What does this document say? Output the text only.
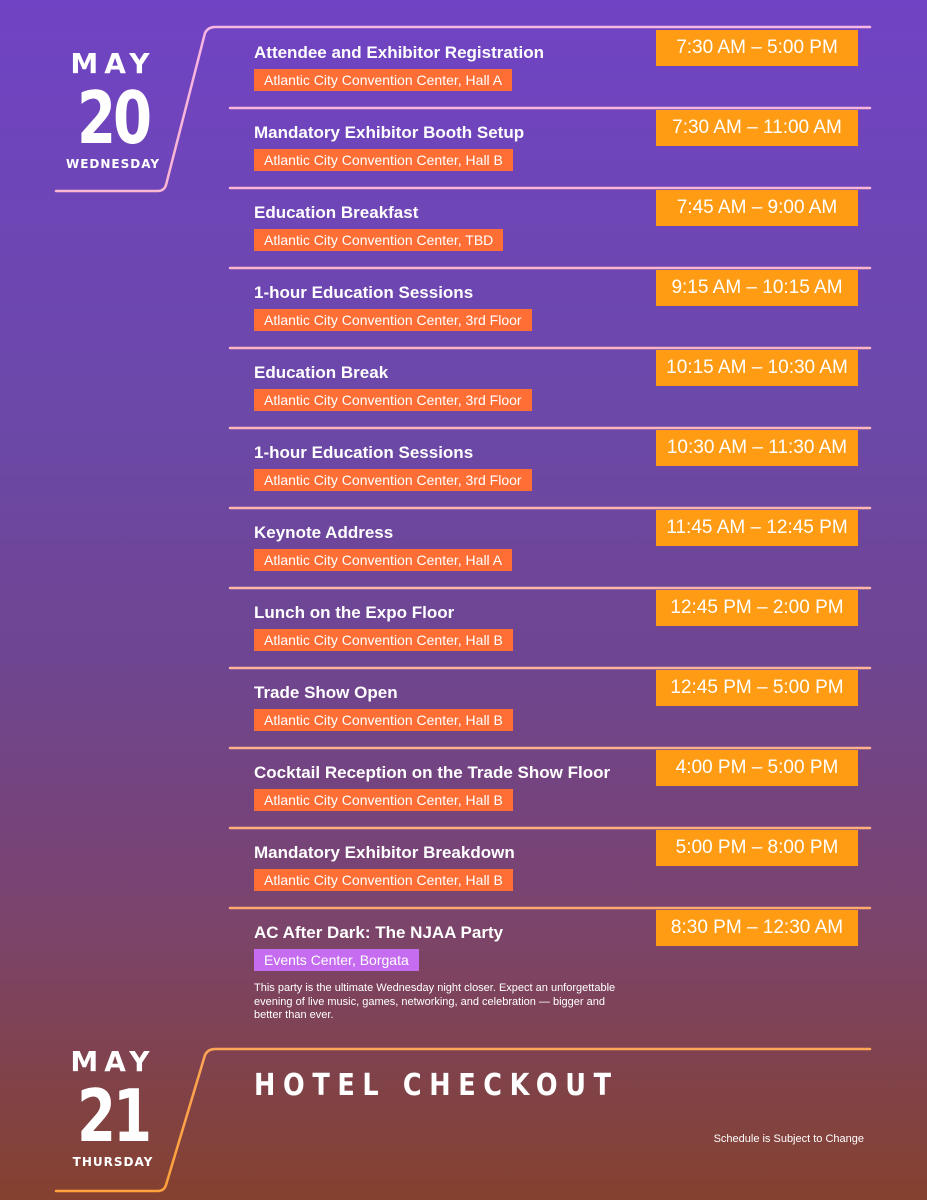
MAY
20
WEDNESDAY
Attendee and Exhibitor Registration
Atlantic City Convention Center, Hall A
7:30 AM – 5:00 PM
Mandatory Exhibitor Booth Setup
Atlantic City Convention Center, Hall B
7:30 AM – 11:00 AM
Education Breakfast
Atlantic City Convention Center, TBD
7:45 AM – 9:00 AM
1-hour Education Sessions
Atlantic City Convention Center, 3rd Floor
9:15 AM – 10:15 AM
Education Break
Atlantic City Convention Center, 3rd Floor
10:15 AM – 10:30 AM
1-hour Education Sessions
Atlantic City Convention Center, 3rd Floor
10:30 AM – 11:30 AM
Keynote Address
Atlantic City Convention Center, Hall A
11:45 AM – 12:45 PM
Lunch on the Expo Floor
Atlantic City Convention Center, Hall B
12:45 PM – 2:00 PM
Trade Show Open
Atlantic City Convention Center, Hall B
12:45 PM – 5:00 PM
Cocktail Reception on the Trade Show Floor
Atlantic City Convention Center, Hall B
4:00 PM – 5:00 PM
Mandatory Exhibitor Breakdown
Atlantic City Convention Center, Hall B
5:00 PM – 8:00 PM
AC After Dark: The NJAA Party
Events Center, Borgata
8:30 PM – 12:30 AM
This party is the ultimate Wednesday night closer. Expect an unforgettable evening of live music, games, networking, and celebration — bigger and better than ever.
MAY
21
THURSDAY
HOTEL CHECKOUT
Schedule is Subject to Change
